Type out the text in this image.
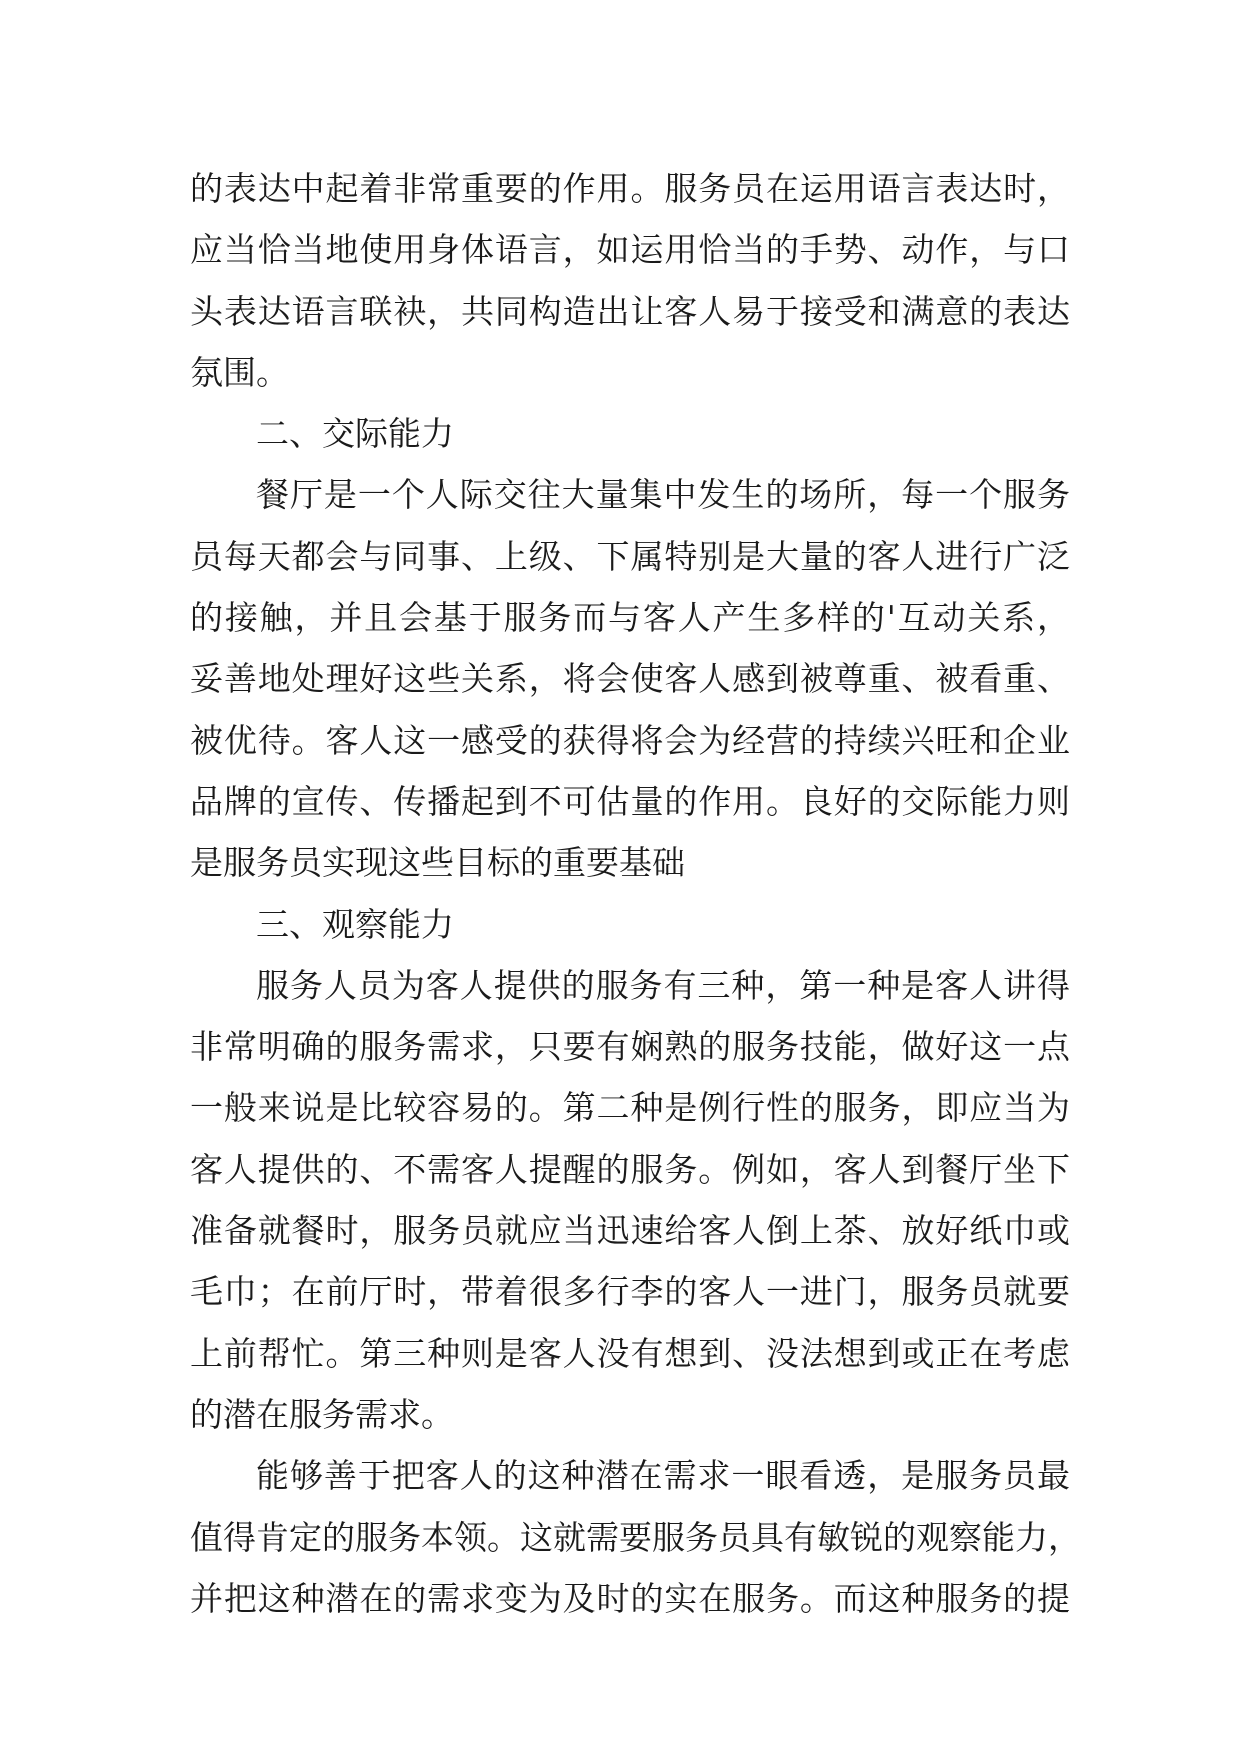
的表达中起着非常重要的作用。服务员在运用语言表达时，
应当恰当地使用身体语言，如运用恰当的手势、动作，与口
头表达语言联袂，共同构造出让客人易于接受和满意的表达
氛围。
二、交际能力
餐厅是一个人际交往大量集中发生的场所，每一个服务
员每天都会与同事、上级、下属特别是大量的客人进行广泛
的接触，并且会基于服务而与客人产生多样的'互动关系，
妥善地处理好这些关系，将会使客人感到被尊重、被看重、
被优待。客人这一感受的获得将会为经营的持续兴旺和企业
品牌的宣传、传播起到不可估量的作用。良好的交际能力则
是服务员实现这些目标的重要基础
三、观察能力
服务人员为客人提供的服务有三种，第一种是客人讲得
非常明确的服务需求，只要有娴熟的服务技能，做好这一点
一般来说是比较容易的。第二种是例行性的服务，即应当为
客人提供的、不需客人提醒的服务。例如，客人到餐厅坐下
准备就餐时，服务员就应当迅速给客人倒上茶、放好纸巾或
毛巾；在前厅时，带着很多行李的客人一进门，服务员就要
上前帮忙。第三种则是客人没有想到、没法想到或正在考虑
的潜在服务需求。
能够善于把客人的这种潜在需求一眼看透，是服务员最
值得肯定的服务本领。这就需要服务员具有敏锐的观察能力，
并把这种潜在的需求变为及时的实在服务。而这种服务的提
